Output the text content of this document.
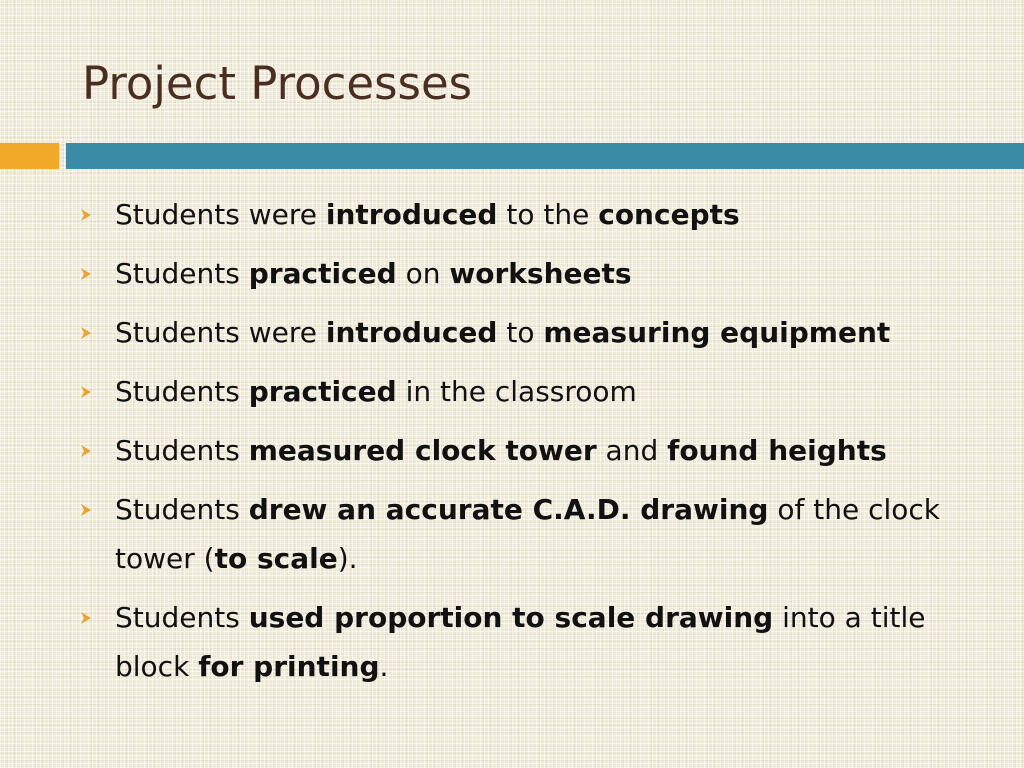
Project Processes
Students were introduced to the concepts
Students practiced on worksheets
Students were introduced to measuring equipment
Students practiced in the classroom
Students measured clock tower and found heights
Students drew an accurate C.A.D. drawing of the clock tower (to scale).
Students used proportion to scale drawing into a title block for printing.
